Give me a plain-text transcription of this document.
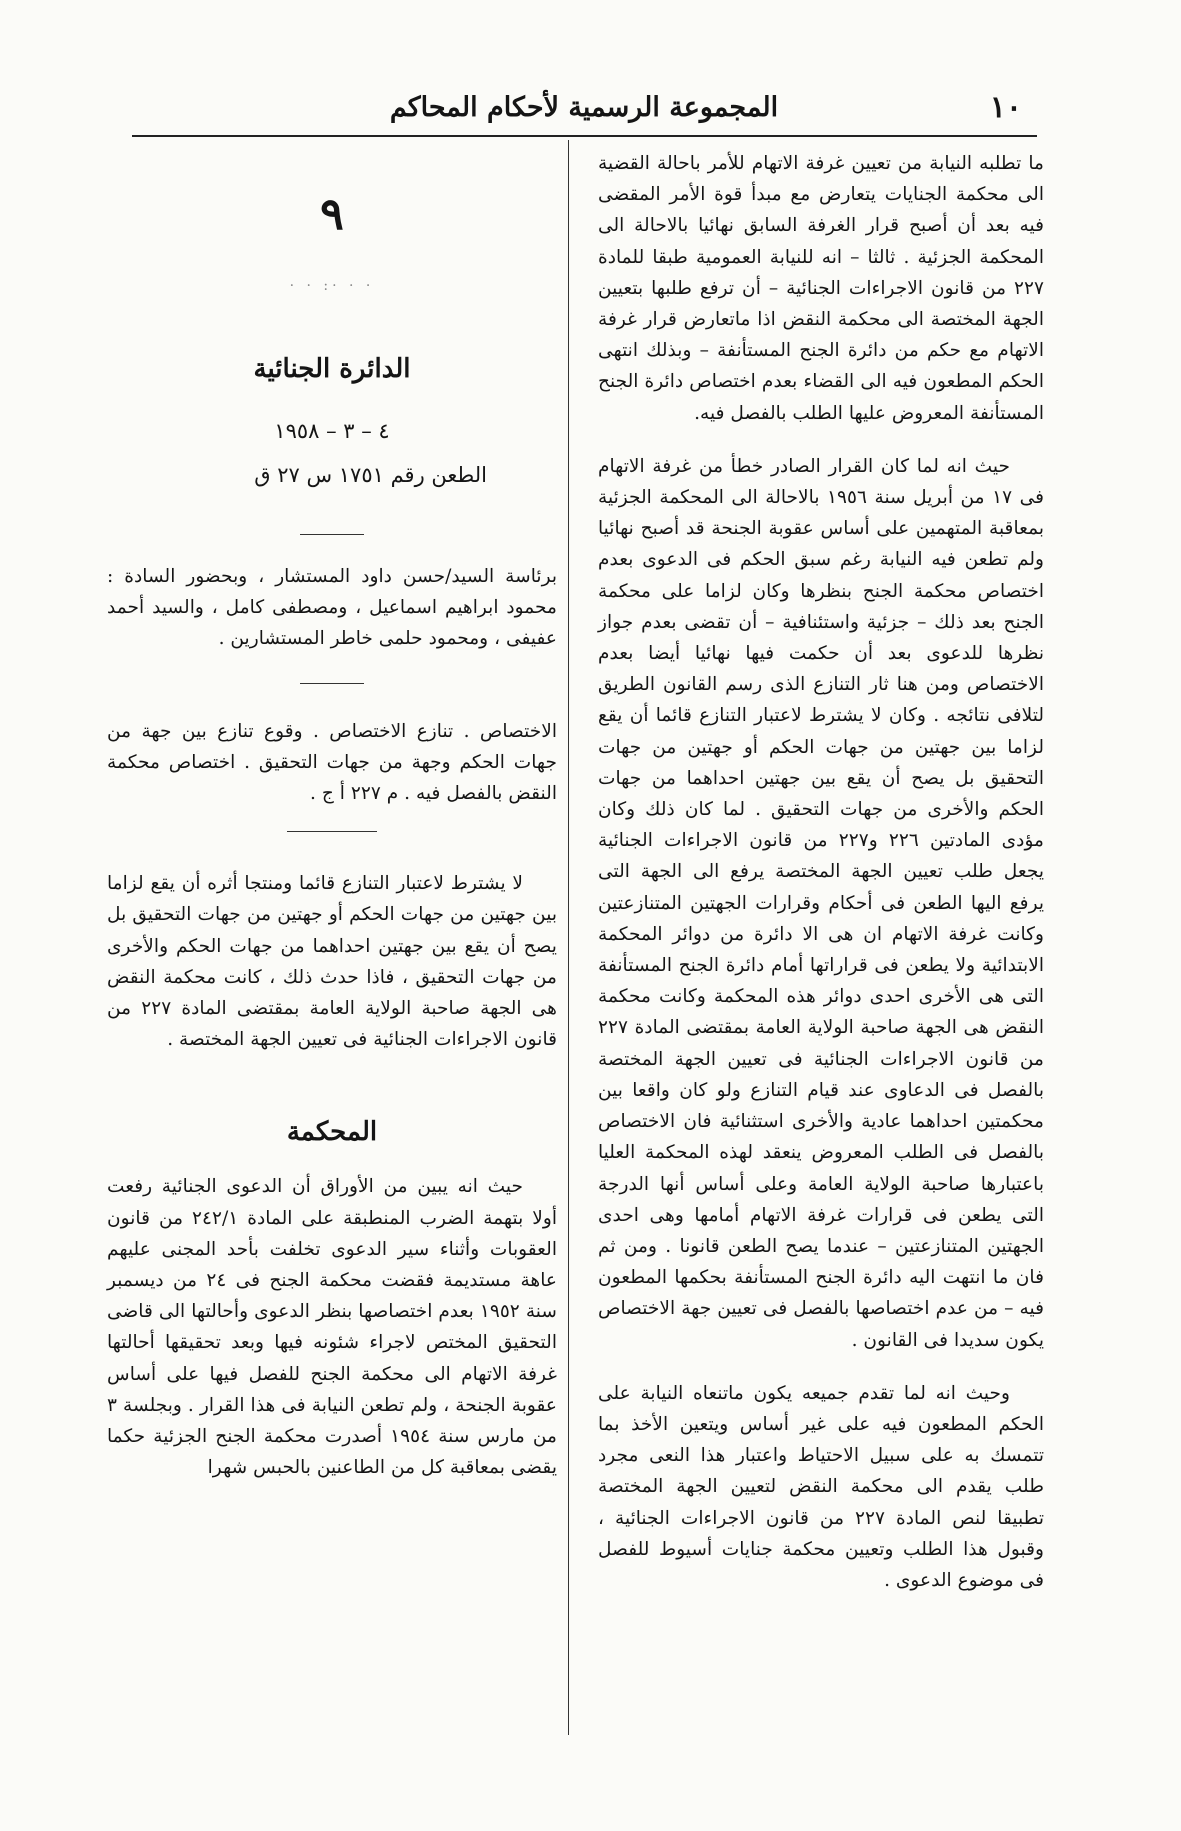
١٠
المجموعة الرسمية لأحكام المحاكم

ما تطلبه النيابة من تعيين غرفة الاتهام للأمر باحالة القضية الى محكمة الجنايات يتعارض مع مبدأ قوة الأمر المقضى فيه بعد أن أصبح قرار الغرفة السابق نهائيا بالاحالة الى المحكمة الجزئية . ثالثا – انه للنيابة العمومية طبقا للمادة ٢٢٧ من قانون الاجراءات الجنائية – أن ترفع طلبها بتعيين الجهة المختصة الى محكمة النقض اذا ماتعارض قرار غرفة الاتهام مع حكم من دائرة الجنح المستأنفة – وبذلك انتهى الحكم المطعون فيه الى القضاء بعدم اختصاص دائرة الجنح المستأنفة المعروض عليها الطلب بالفصل فيه.

حيث انه لما كان القرار الصادر خطأ من غرفة الاتهام فى ١٧ من أبريل سنة ١٩٥٦ بالاحالة الى المحكمة الجزئية بمعاقبة المتهمين على أساس عقوبة الجنحة قد أصبح نهائيا ولم تطعن فيه النيابة رغم سبق الحكم فى الدعوى بعدم اختصاص محكمة الجنح بنظرها وكان لزاما على محكمة الجنح بعد ذلك – جزئية واستئنافية – أن تقضى بعدم جواز نظرها للدعوى بعد أن حكمت فيها نهائيا أيضا بعدم الاختصاص ومن هنا ثار التنازع الذى رسم القانون الطريق لتلافى نتائجه . وكان لا يشترط لاعتبار التنازع قائما أن يقع لزاما بين جهتين من جهات الحكم أو جهتين من جهات التحقيق بل يصح أن يقع بين جهتين احداهما من جهات الحكم والأخرى من جهات التحقيق . لما كان ذلك وكان مؤدى المادتين ٢٢٦ و٢٢٧ من قانون الاجراءات الجنائية يجعل طلب تعيين الجهة المختصة يرفع الى الجهة التى يرفع اليها الطعن فى أحكام وقرارات الجهتين المتنازعتين وكانت غرفة الاتهام ان هى الا دائرة من دوائر المحكمة الابتدائية ولا يطعن فى قراراتها أمام دائرة الجنح المستأنفة التى هى الأخرى احدى دوائر هذه المحكمة وكانت محكمة النقض هى الجهة صاحبة الولاية العامة بمقتضى المادة ٢٢٧ من قانون الاجراءات الجنائية فى تعيين الجهة المختصة بالفصل فى الدعاوى عند قيام التنازع ولو كان واقعا بين محكمتين احداهما عادية والأخرى استثنائية فان الاختصاص بالفصل فى الطلب المعروض ينعقد لهذه المحكمة العليا باعتبارها صاحبة الولاية العامة وعلى أساس أنها الدرجة التى يطعن فى قرارات غرفة الاتهام أمامها وهى احدى الجهتين المتنازعتين – عندما يصح الطعن قانونا . ومن ثم فان ما انتهت اليه دائرة الجنح المستأنفة بحكمها المطعون فيه – من عدم اختصاصها بالفصل فى تعيين جهة الاختصاص يكون سديدا فى القانون .

وحيث انه لما تقدم جميعه يكون ماتنعاه النيابة على الحكم المطعون فيه على غير أساس ويتعين الأخذ بما تتمسك به على سبيل الاحتياط واعتبار هذا النعى مجرد طلب يقدم الى محكمة النقض لتعيين الجهة المختصة تطبيقا لنص المادة ٢٢٧ من قانون الاجراءات الجنائية ، وقبول هذا الطلب وتعيين محكمة جنايات أسيوط للفصل فى موضوع الدعوى .

٩
· · ·: · ·
الدائرة الجنائية
٤ – ٣ – ١٩٥٨
الطعن رقم ١٧٥١ س ٢٧ ق

برئاسة السيد/حسن داود المستشار ، وبحضور السادة : محمود ابراهيم اسماعيل ، ومصطفى كامل ، والسيد أحمد عفيفى ، ومحمود حلمى خاطر المستشارين .

الاختصاص . تنازع الاختصاص . وقوع تنازع بين جهة من جهات الحكم وجهة من جهات التحقيق . اختصاص محكمة النقض بالفصل فيه . م ٢٢٧ أ ج .

لا يشترط لاعتبار التنازع قائما ومنتجا أثره أن يقع لزاما بين جهتين من جهات الحكم أو جهتين من جهات التحقيق بل يصح أن يقع بين جهتين احداهما من جهات الحكم والأخرى من جهات التحقيق ، فاذا حدث ذلك ، كانت محكمة النقض هى الجهة صاحبة الولاية العامة بمقتضى المادة ٢٢٧ من قانون الاجراءات الجنائية فى تعيين الجهة المختصة .

المحكمة

حيث انه يبين من الأوراق أن الدعوى الجنائية رفعت أولا بتهمة الضرب المنطبقة على المادة ٢٤٢/١ من قانون العقوبات وأثناء سير الدعوى تخلفت بأحد المجنى عليهم عاهة مستديمة فقضت محكمة الجنح فى ٢٤ من ديسمبر سنة ١٩٥٢ بعدم اختصاصها بنظر الدعوى وأحالتها الى قاضى التحقيق المختص لاجراء شئونه فيها وبعد تحقيقها أحالتها غرفة الاتهام الى محكمة الجنح للفصل فيها على أساس عقوبة الجنحة ، ولم تطعن النيابة فى هذا القرار . وبجلسة ٣ من مارس سنة ١٩٥٤ أصدرت محكمة الجنح الجزئية حكما يقضى بمعاقبة كل من الطاعنين بالحبس شهرا
